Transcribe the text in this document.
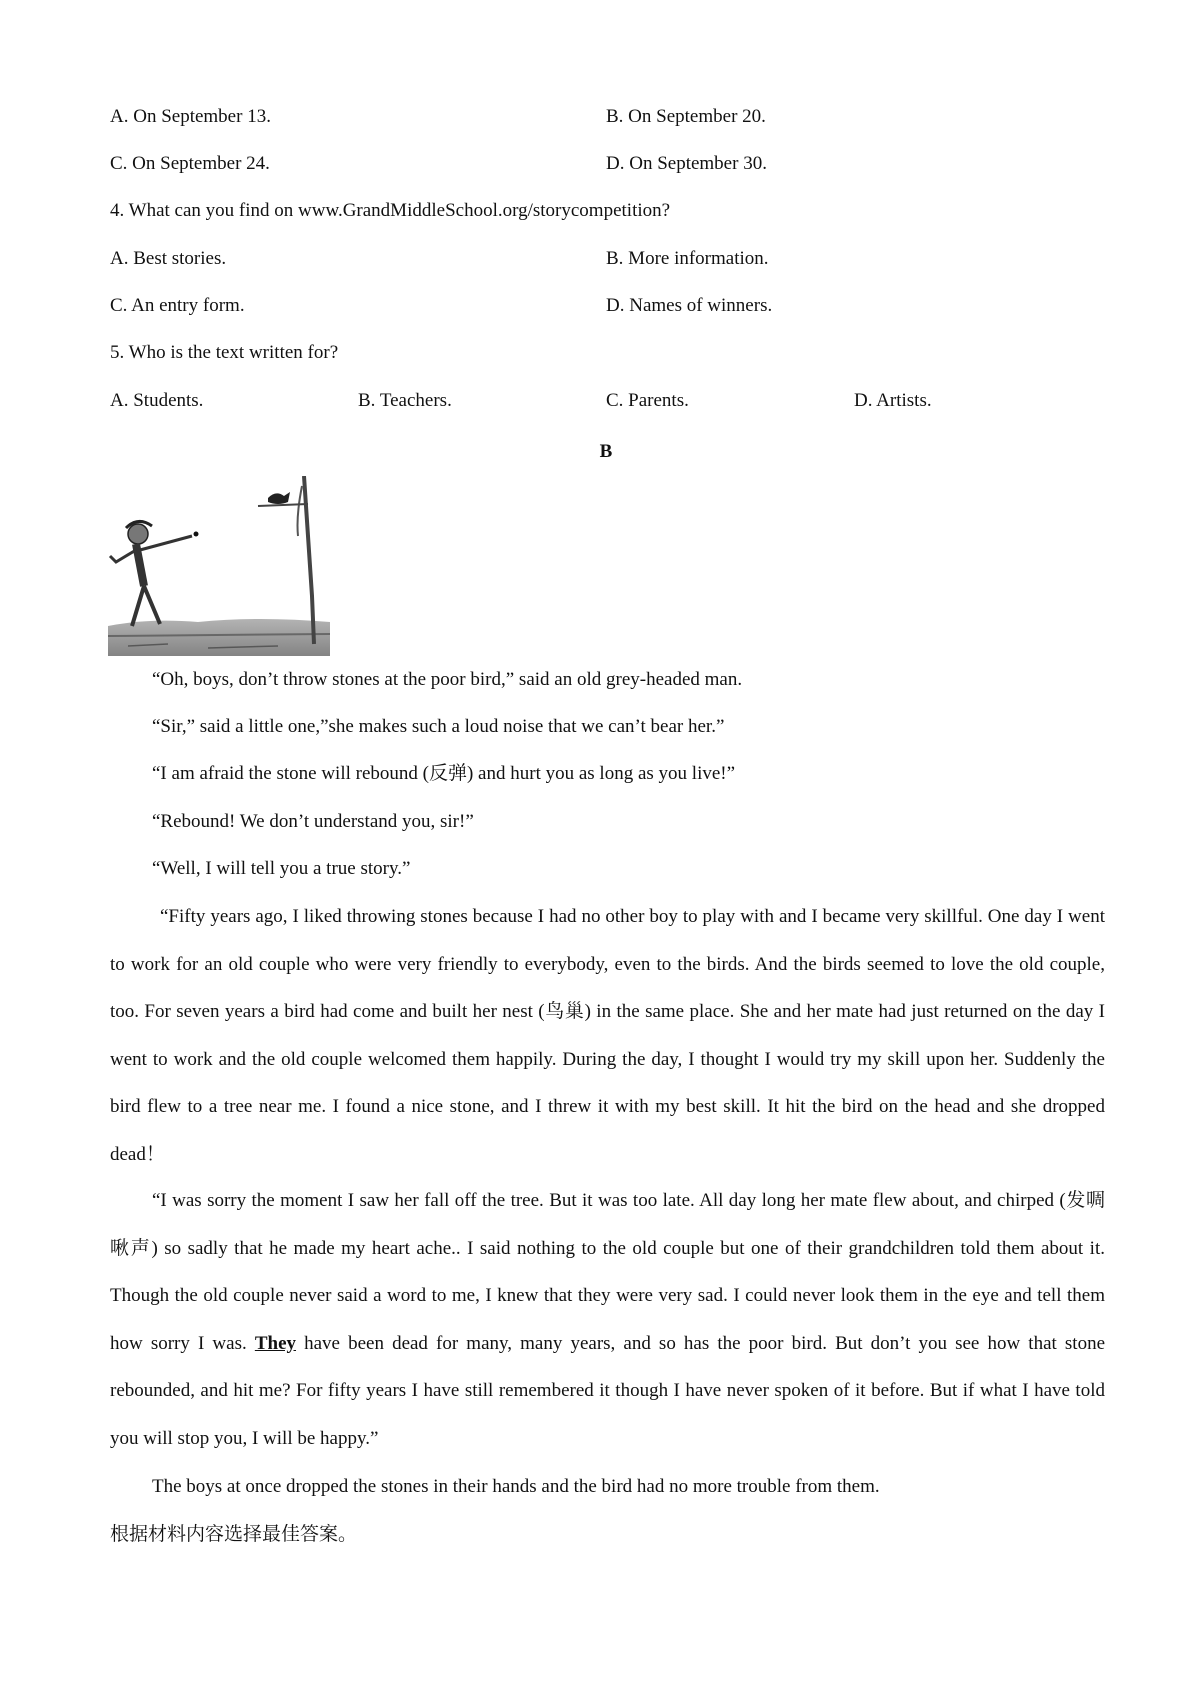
A. On September 13.	B. On September 20.
C. On September 24.	D. On September 30.
4. What can you find on www.GrandMiddleSchool.org/storycompetition?
A. Best stories.	B. More information.
C. An entry form.	D. Names of winners.
5. Who is the text written for?
A. Students.	B. Teachers.	C. Parents.	D. Artists.
B
“Oh, boys, don’t throw stones at the poor bird,” said an old grey-headed man.
“Sir,” said a little one,”she makes such a loud noise that we can’t bear her.”
“I am afraid the stone will rebound (反弹) and hurt you as long as you live!”
“Rebound! We don’t understand you, sir!”
“Well, I will tell you a true story.”
“Fifty years ago, I liked throwing stones because I had no other boy to play with and I became very skillful. One day I went to work for an old couple who were very friendly to everybody, even to the birds. And the birds seemed to love the old couple, too. For seven years a bird had come and built her nest (鸟巢) in the same place. She and her mate had just returned on the day I went to work and the old couple welcomed them happily. During the day, I thought I would try my skill upon her. Suddenly the bird flew to a tree near me. I found a nice stone, and I threw it with my best skill. It hit the bird on the head and she dropped dead！
“I was sorry the moment I saw her fall off the tree. But it was too late. All day long her mate flew about, and chirped (发啁啾声) so sadly that he made my heart ache.. I said nothing to the old couple but one of their grandchildren told them about it. Though the old couple never said a word to me, I knew that they were very sad. I could never look them in the eye and tell them how sorry I was. They have been dead for many, many years, and so has the poor bird. But don’t you see how that stone rebounded, and hit me? For fifty years I have still remembered it though I have never spoken of it before. But if what I have told you will stop you, I will be happy.”
The boys at once dropped the stones in their hands and the bird had no more trouble from them.
根据材料内容选择最佳答案。
